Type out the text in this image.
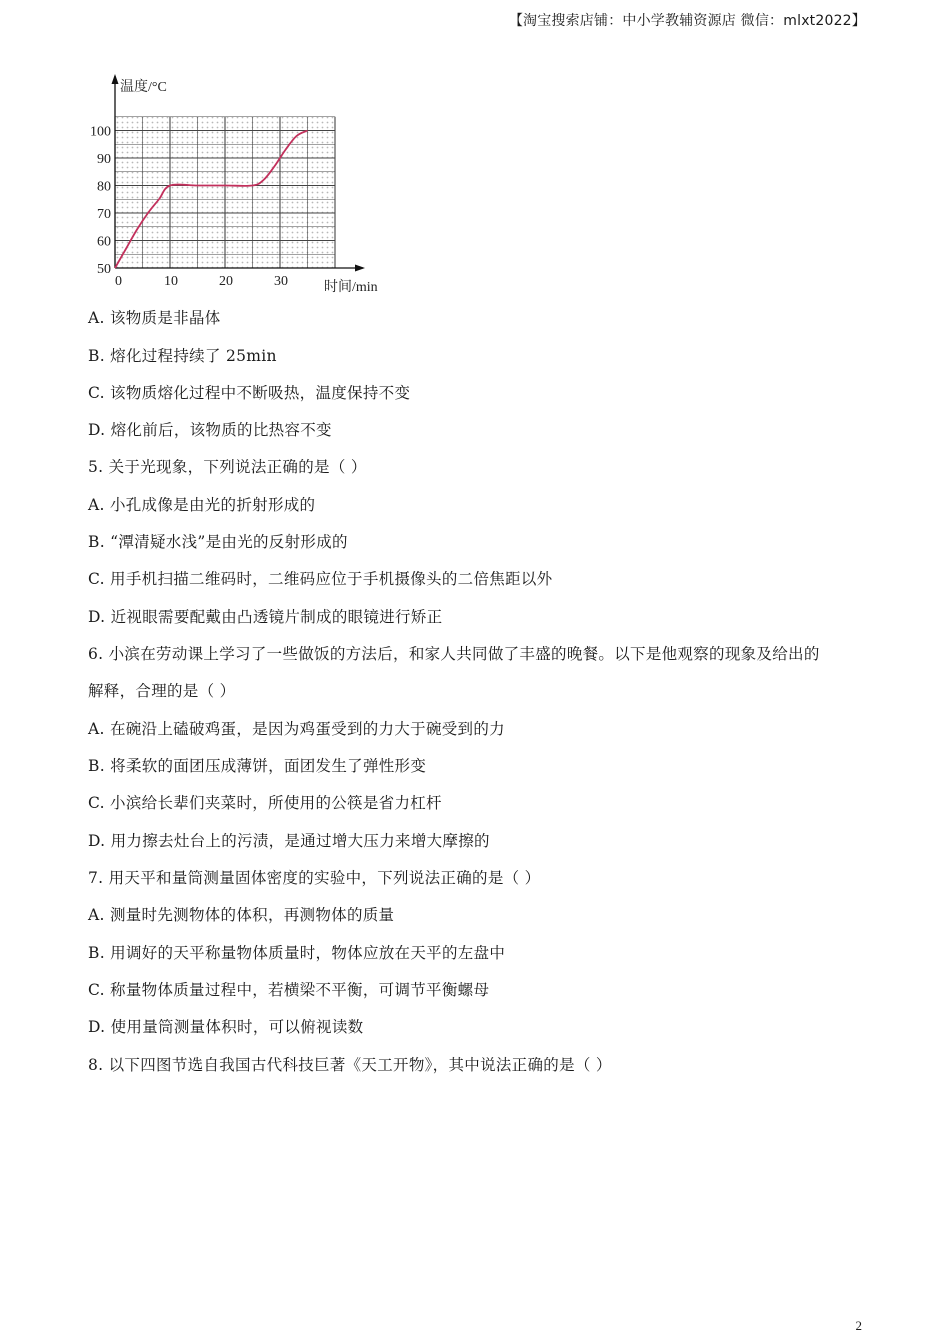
【淘宝搜索店铺：中小学教辅资源店 微信：mlxt2022】
0	10	20	30
50
60
70
80
90
100
温度/°C
时间/min
A. 该物质是非晶体
B. 熔化过程持续了 25min
C. 该物质熔化过程中不断吸热，温度保持不变
D. 熔化前后，该物质的比热容不变
5. 关于光现象，下列说法正确的是（ ）
A. 小孔成像是由光的折射形成的
B. “潭清疑水浅”是由光的反射形成的
C. 用手机扫描二维码时，二维码应位于手机摄像头的二倍焦距以外
D. 近视眼需要配戴由凸透镜片制成的眼镜进行矫正
6. 小滨在劳动课上学习了一些做饭的方法后，和家人共同做了丰盛的晚餐。以下是他观察的现象及给出的
解释，合理的是（ ）
A. 在碗沿上磕破鸡蛋，是因为鸡蛋受到的力大于碗受到的力
B. 将柔软的面团压成薄饼，面团发生了弹性形变
C. 小滨给长辈们夹菜时，所使用的公筷是省力杠杆
D. 用力擦去灶台上的污渍，是通过增大压力来增大摩擦的
7. 用天平和量筒测量固体密度的实验中，下列说法正确的是（ ）
A. 测量时先测物体的体积，再测物体的质量
B. 用调好的天平称量物体质量时，物体应放在天平的左盘中
C. 称量物体质量过程中，若横梁不平衡，可调节平衡螺母
D. 使用量筒测量体积时，可以俯视读数
8. 以下四图节选自我国古代科技巨著《天工开物》，其中说法正确的是（ ）
2
